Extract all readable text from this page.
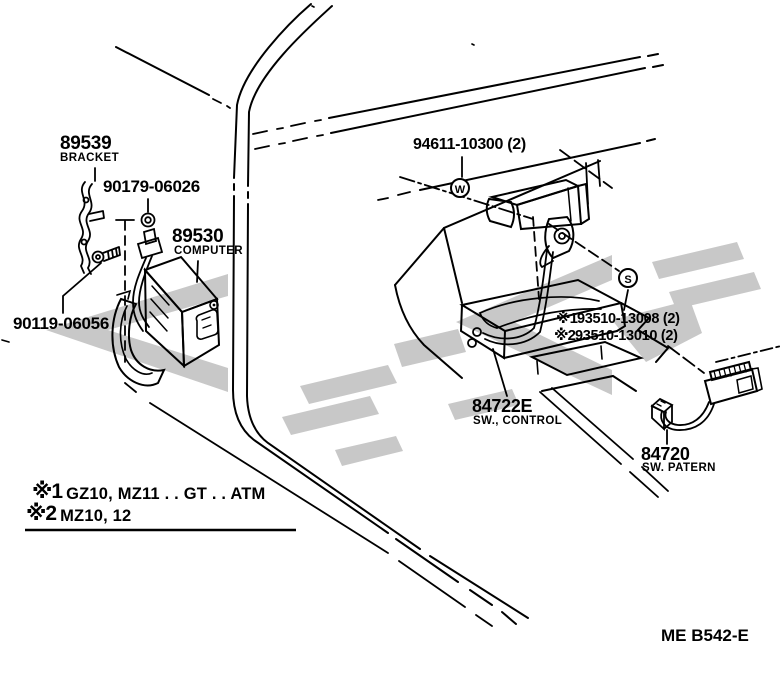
89539
BRACKET
90179-06026
89530
COMPUTER
90119-06056
94611-10300 (2)
W
S
※193510-13008 (2)
※293510-13010 (2)
84722E
SW., CONTROL
84720
SW. PATERN
※1 GZ10, MZ11 . . GT . . ATM
※2 MZ10, 12
ME B542-E
